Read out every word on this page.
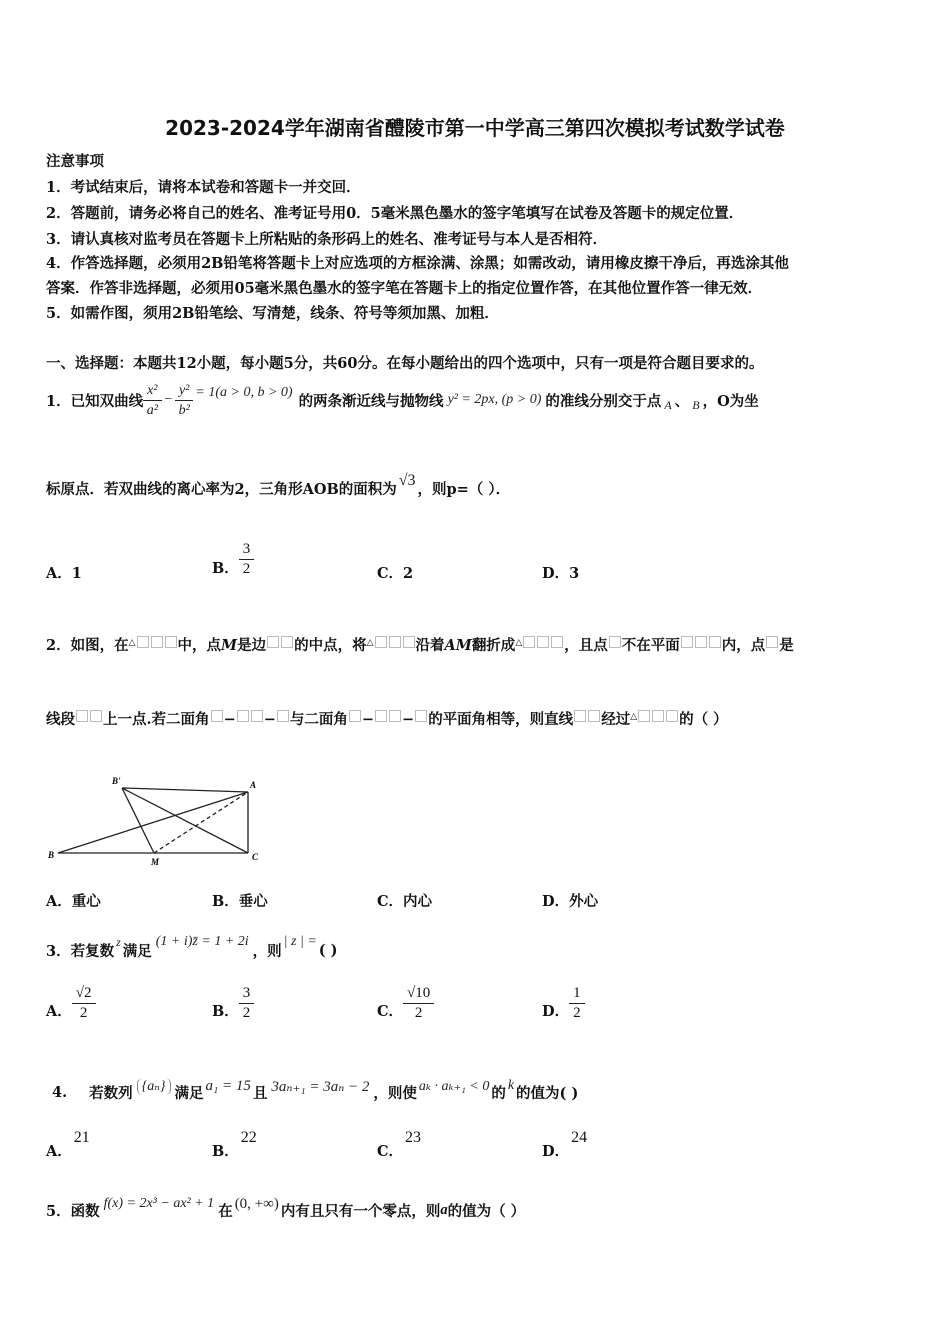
2023-2024学年湖南省醴陵市第一中学高三第四次模拟考试数学试卷
注意事项
1．考试结束后，请将本试卷和答题卡一并交回．
2．答题前，请务必将自己的姓名、准考证号用0．5毫米黑色墨水的签字笔填写在试卷及答题卡的规定位置．
3．请认真核对监考员在答题卡上所粘贴的条形码上的姓名、准考证号与本人是否相符．
4．作答选择题，必须用2B铅笔将答题卡上对应选项的方框涂满、涂黑；如需改动，请用橡皮擦干净后，再选涂其他
答案．作答非选择题，必须用05毫米黑色墨水的签字笔在答题卡上的指定位置作答，在其他位置作答一律无效．
5．如需作图，须用2B铅笔绘、写清楚，线条、符号等须加黑、加粗．
一、选择题：本题共12小题，每小题5分，共60分。在每小题给出的四个选项中，只有一项是符合题目要求的。
1．已知双曲线 $\frac{\text{x²}}{\text{a²}} - \frac{\text{y²}}{\text{b²}} = 1(a > 0$, b > 0) 的两条渐近线与抛物线 y² = 2px, (p > 0) 的准线分别交于点 A 、 B ，O为坐
标原点．若双曲线的离心率为2，三角形AOB的面积为
√3
，则p=（ ）．
A．1	B． $\frac{3}{2}$	C．2	D．3
2．如图，在△	中，点M是边 的中点，将△	沿着AM翻折成△	，且点 不在平面	内，点 是
线段 上一点.若二面角 − − 与二面角 − − 的平面角相等，则直线 经过△	的（ ）
B'	A
B
M	C
A．重心	B．垂心	C．内心	D．外心
3．若复数
z
满足
(1 + i)z̄ = 1 + 2i
，则
| z | = ( )
A． $\frac{√2}{2}$	B． $\frac{3}{2}$	C． $\frac{√10}{2}$	D． $\frac{1}{2}$
4. 若数列 {aₙ} 满足 a₁ = 15 且 3aₙ₊₁ = 3aₙ − 2 ，则使 aₖ · aₖ₊₁ < 0 的 k 的值为( )
A．21
B．22
C．23
D．24
5．函数 f(x) = 2x³ − ax² + 1 在 (0, +∞) 内有且只有一个零点，则 a 的值为（ ）
